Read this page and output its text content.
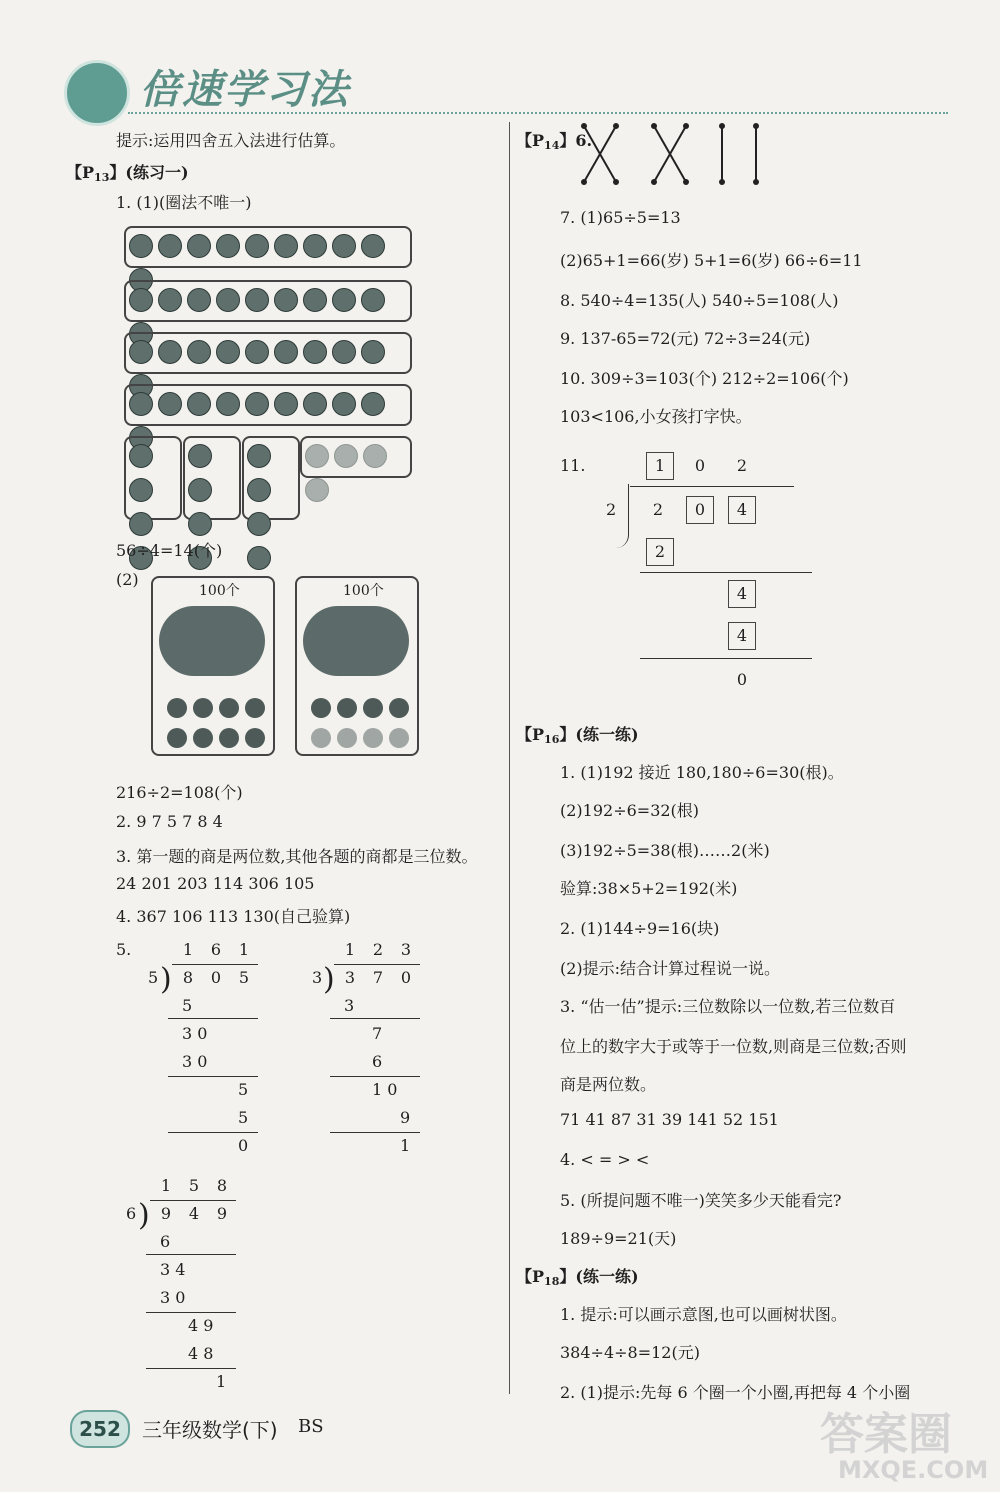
倍速学习法
提示:运用四舍五入法进行估算。
【P13】(练习一)
1. (1)(圈法不唯一)
56÷4=14(个)
(2)
100个	100个
216÷2=108(个)
2. 9 7 5 7 8 4
3. 第一题的商是两位数,其他各题的商都是三位数。
24 201 203 114 306 105
4. 367 106 113 130(自己验算)
5.	1	6	1
5 ) 8	0	5
5
3 0
3 0
5
5
0
1	2	3
3 ) 3	7	0
3
7
6
1 0
9
1
1	5	8
6 ) 9	4	9
6
3 4
3 0
4 9
4 8
1
【P14】6.
7. (1)65÷5=13
(2)65+1=66(岁) 5+1=6(岁) 66÷6=11
8. 540÷4=135(人) 540÷5=108(人)
9. 137-65=72(元) 72÷3=24(元)
10. 309÷3=103(个) 212÷2=106(个)
103<106,小女孩打字快。
11.	1	0	2
2	2	0	4
2
4
4
0
【P16】(练一练)
1. (1)192 接近 180,180÷6=30(根)。
(2)192÷6=32(根)
(3)192÷5=38(根)……2(米)
验算:38×5+2=192(米)
2. (1)144÷9=16(块)
(2)提示:结合计算过程说一说。
3. “估一估”提示:三位数除以一位数,若三位数百
位上的数字大于或等于一位数,则商是三位数;否则
商是两位数。
71 41 87 31 39 141 52 151
4. < = > <
5. (所提问题不唯一)笑笑多少天能看完?
189÷9=21(天)
【P18】(练一练)
1. 提示:可以画示意图,也可以画树状图。
384÷4÷8=12(元)
2. (1)提示:先每 6 个圈一个小圈,再把每 4 个小圈
252	三年级数学(下) BS	答案圈
MXQE.COM
